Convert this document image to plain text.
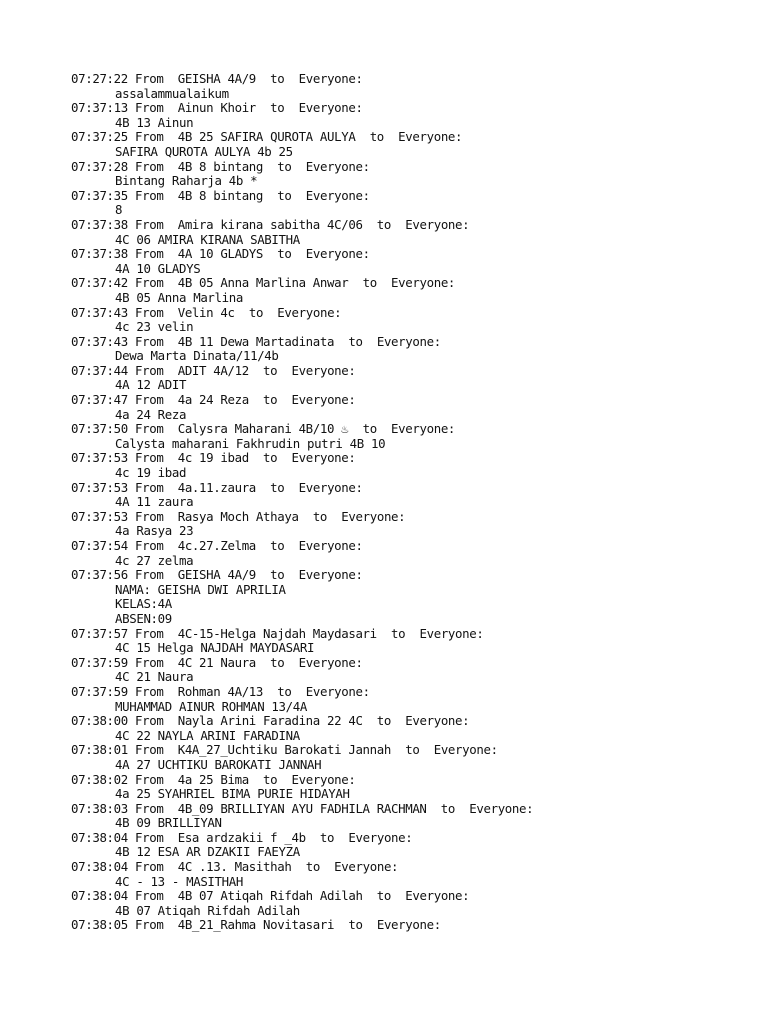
07:27:22 From GEISHA 4A/9 to Everyone:
assalammualaikum
07:37:13 From Ainun Khoir to Everyone:
4B 13 Ainun
07:37:25 From 4B 25 SAFIRA QUROTA AULYA to Everyone:
SAFIRA QUROTA AULYA 4b 25
07:37:28 From 4B 8 bintang to Everyone:
Bintang Raharja 4b *
07:37:35 From 4B 8 bintang to Everyone:
8
07:37:38 From Amira kirana sabitha 4C/06 to Everyone:
4C 06 AMIRA KIRANA SABITHA
07:37:38 From 4A 10 GLADYS to Everyone:
4A 10 GLADYS
07:37:42 From 4B 05 Anna Marlina Anwar to Everyone:
4B 05 Anna Marlina
07:37:43 From Velin 4c to Everyone:
4c 23 velin
07:37:43 From 4B 11 Dewa Martadinata to Everyone:
Dewa Marta Dinata/11/4b
07:37:44 From ADIT 4A/12 to Everyone:
4A 12 ADIT
07:37:47 From 4a 24 Reza to Everyone:
4a 24 Reza
07:37:50 From Calysra Maharani 4B/10 ♨ to Everyone:
Calysta maharani Fakhrudin putri 4B 10
07:37:53 From 4c 19 ibad to Everyone:
4c 19 ibad
07:37:53 From 4a.11.zaura to Everyone:
4A 11 zaura
07:37:53 From Rasya Moch Athaya to Everyone:
4a Rasya 23
07:37:54 From 4c.27.Zelma to Everyone:
4c 27 zelma
07:37:56 From GEISHA 4A/9 to Everyone:
NAMA: GEISHA DWI APRILIA
KELAS:4A
ABSEN:09
07:37:57 From 4C-15-Helga Najdah Maydasari to Everyone:
4C 15 Helga NAJDAH MAYDASARI
07:37:59 From 4C 21 Naura to Everyone:
4C 21 Naura
07:37:59 From Rohman 4A/13 to Everyone:
MUHAMMAD AINUR ROHMAN 13/4A
07:38:00 From Nayla Arini Faradina 22 4C to Everyone:
4C 22 NAYLA ARINI FARADINA
07:38:01 From K4A_27_Uchtiku Barokati Jannah to Everyone:
4A 27 UCHTIKU BAROKATI JANNAH
07:38:02 From 4a 25 Bima to Everyone:
4a 25 SYAHRIEL BIMA PURIE HIDAYAH
07:38:03 From 4B_09 BRILLIYAN AYU FADHILA RACHMAN to Everyone:
4B 09 BRILLIYAN
07:38:04 From Esa ardzakii f _4b to Everyone:
4B 12 ESA AR DZAKII FAEYZA
07:38:04 From 4C .13. Masithah to Everyone:
4C - 13 - MASITHAH
07:38:04 From 4B 07 Atiqah Rifdah Adilah to Everyone:
4B 07 Atiqah Rifdah Adilah
07:38:05 From 4B_21_Rahma Novitasari to Everyone:
